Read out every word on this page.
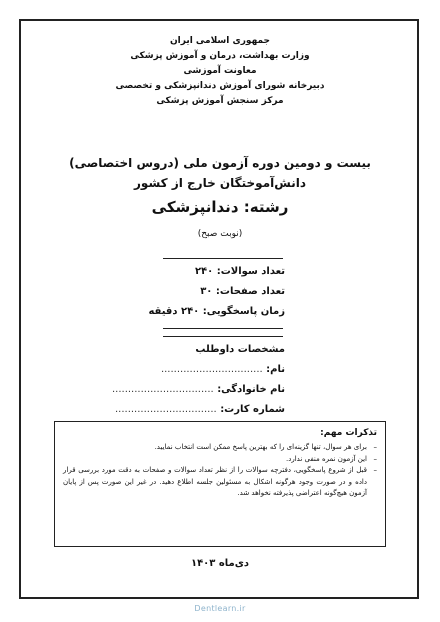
جمهوری اسلامی ایران
وزارت بهداشت، درمان و آموزش پزشکی
معاونت آموزشی
دبیرخانه شورای آموزش دندانپزشکی و تخصصی
مرکز سنجش آموزش پزشکی
بیست و دومین دوره آزمون ملی (دروس اختصاصی)
دانش‌آموختگان خارج از کشور
رشته: دندانپزشکی
(نوبت صبح)
تعداد سوالات: ۲۴۰
تعداد صفحات: ۳۰
زمان پاسخگویی: ۲۴۰ دقیقه
مشخصات داوطلب
نام: ................................
نام خانوادگی: ................................
شماره کارت: ................................
تذکرات مهم:
–
برای هر سوال، تنها گزینه‌ای را که بهترین پاسخ ممکن است انتخاب نمایید.
–
این آزمون نمره منفی ندارد.
–
قبل از شروع پاسخگویی، دفترچه سوالات را از نظر تعداد سوالات و صفحات به دقت مورد بررسی قرار داده و در صورت وجود هرگونه اشکال به مسئولین جلسه اطلاع دهید. در غیر این صورت پس از پایان آزمون هیچ‌گونه اعتراضی پذیرفته نخواهد شد.
دی‌ماه ۱۴۰۳
Dentlearn.ir
